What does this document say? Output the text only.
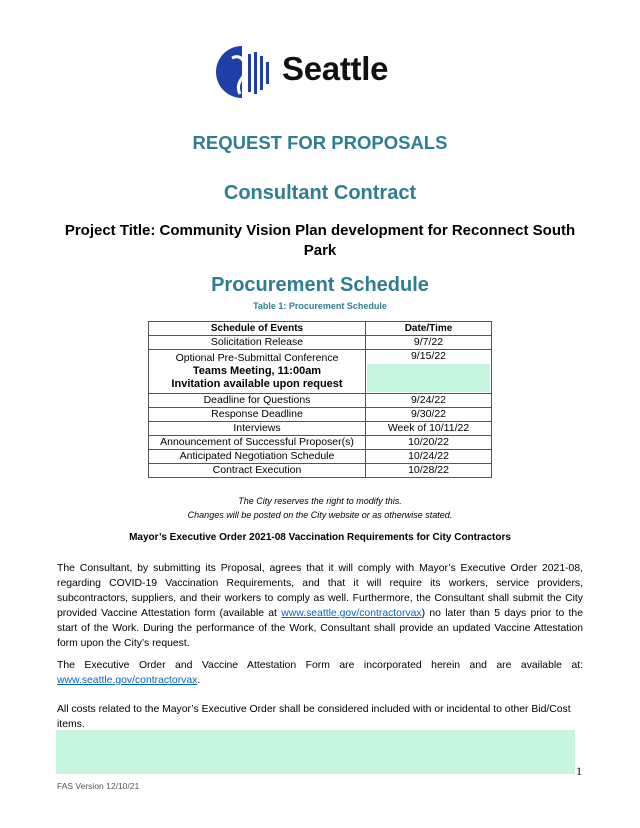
Seattle
REQUEST FOR PROPOSALS
Consultant Contract
Project Title: Community Vision Plan development for Reconnect South Park
Procurement Schedule
Table 1: Procurement Schedule
Schedule of Events	Date/Time
Solicitation Release	9/7/22

Optional Pre-Submittal Conference
Teams Meeting, 11:00am
Invitation available upon request	9/15/22

Deadline for Questions	9/24/22
Response Deadline	9/30/22
Interviews	Week of 10/11/22
Announcement of Successful Proposer(s)	10/20/22
Anticipated Negotiation Schedule	10/24/22
Contract Execution	10/28/22
The City reserves the right to modify this.
Changes will be posted on the City website or as otherwise stated.
Mayor’s Executive Order 2021-08 Vaccination Requirements for City Contractors
The Consultant, by submitting its Proposal, agrees that it will comply with Mayor’s Executive Order 2021-08, regarding COVID-19 Vaccination Requirements, and that it will require its workers, service providers, subcontractors, suppliers, and their workers to comply as well. Furthermore, the Consultant shall submit the City provided Vaccine Attestation form (available at www.seattle.gov/contractorvax) no later than 5 days prior to the start of the Work. During the performance of the Work, Consultant shall provide an updated Vaccine Attestation form upon the City’s request.
The Executive Order and Vaccine Attestation Form are incorporated herein and are available at:
www.seattle.gov/contractorvax.
All costs related to the Mayor’s Executive Order shall be considered included with or incidental to other Bid/Cost items.
1
FAS Version 12/10/21
